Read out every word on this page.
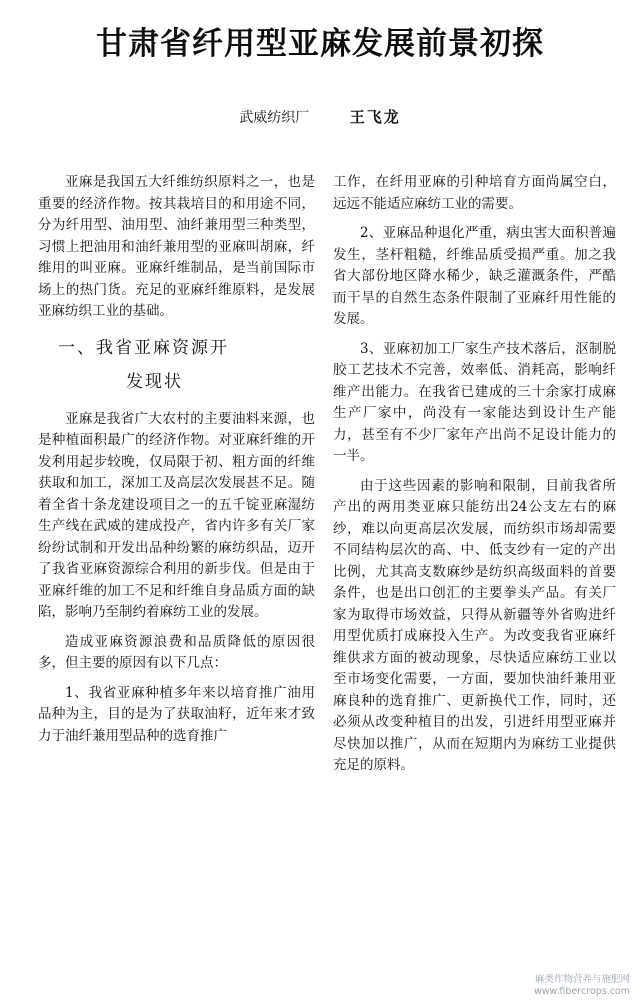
甘肃省纤用型亚麻发展前景初探
武威纺织厂	王飞龙

亚麻是我国五大纤维纺织原料之一，也是重要的经济作物。按其栽培目的和用途不同，分为纤用型、油用型、油纤兼用型三种类型，习惯上把油用和油纤兼用型的亚麻叫胡麻，纤维用的叫亚麻。亚麻纤维制品，是当前国际市场上的热门货。充足的亚麻纤维原料，是发展亚麻纺织工业的基础。

一、我省亚麻资源开
发现状

亚麻是我省广大农村的主要油料来源，也是种植面积最广的经济作物。对亚麻纤维的开发利用起步较晚，仅局限于初、粗方面的纤维获取和加工，深加工及高层次发展甚不足。随着全省十条龙建设项目之一的五千锭亚麻湿纺生产线在武威的建成投产，省内许多有关厂家纷纷试制和开发出品种纷繁的麻纺织品，迈开了我省亚麻资源综合利用的新步伐。但是由于亚麻纤维的加工不足和纤维自身品质方面的缺陷，影响乃至制约着麻纺工业的发展。

造成亚麻资源浪费和品质降低的原因很多，但主要的原因有以下几点：

1、我省亚麻种植多年来以培育推广油用品种为主，目的是为了获取油籽，近年来才致力于油纤兼用型品种的选育推广

工作，在纤用亚麻的引种培育方面尚属空白，远远不能适应麻纺工业的需要。

2、亚麻品种退化严重，病虫害大面积普遍发生，茎杆粗糙，纤维品质受损严重。加之我省大部份地区降水稀少，缺乏灌溉条件，严酷而干旱的自然生态条件限制了亚麻纤用性能的发展。

3、亚麻初加工厂家生产技术落后，沤制脱胶工艺技术不完善，效率低、消耗高，影响纤维产出能力。在我省已建成的三十余家打成麻生产厂家中，尚没有一家能达到设计生产能力，甚至有不少厂家年产出尚不足设计能力的一半。

由于这些因素的影响和限制，目前我省所产出的两用类亚麻只能纺出24公支左右的麻纱，难以向更高层次发展，而纺织市场却需要不同结构层次的高、中、低支纱有一定的产出比例，尤其高支数麻纱是纺织高级面料的首要条件，也是出口创汇的主要拳头产品。有关厂家为取得市场效益，只得从新疆等外省购进纤用型优质打成麻投入生产。为改变我省亚麻纤维供求方面的被动现象，尽快适应麻纺工业以至市场变化需要，一方面，要加快油纤兼用亚麻良种的选育推广、更新换代工作，同时，还必须从改变种植目的出发，引进纤用型亚麻并尽快加以推广，从而在短期内为麻纺工业提供充足的原料。

麻类作物营养与施肥网
www.fibercrops.com
